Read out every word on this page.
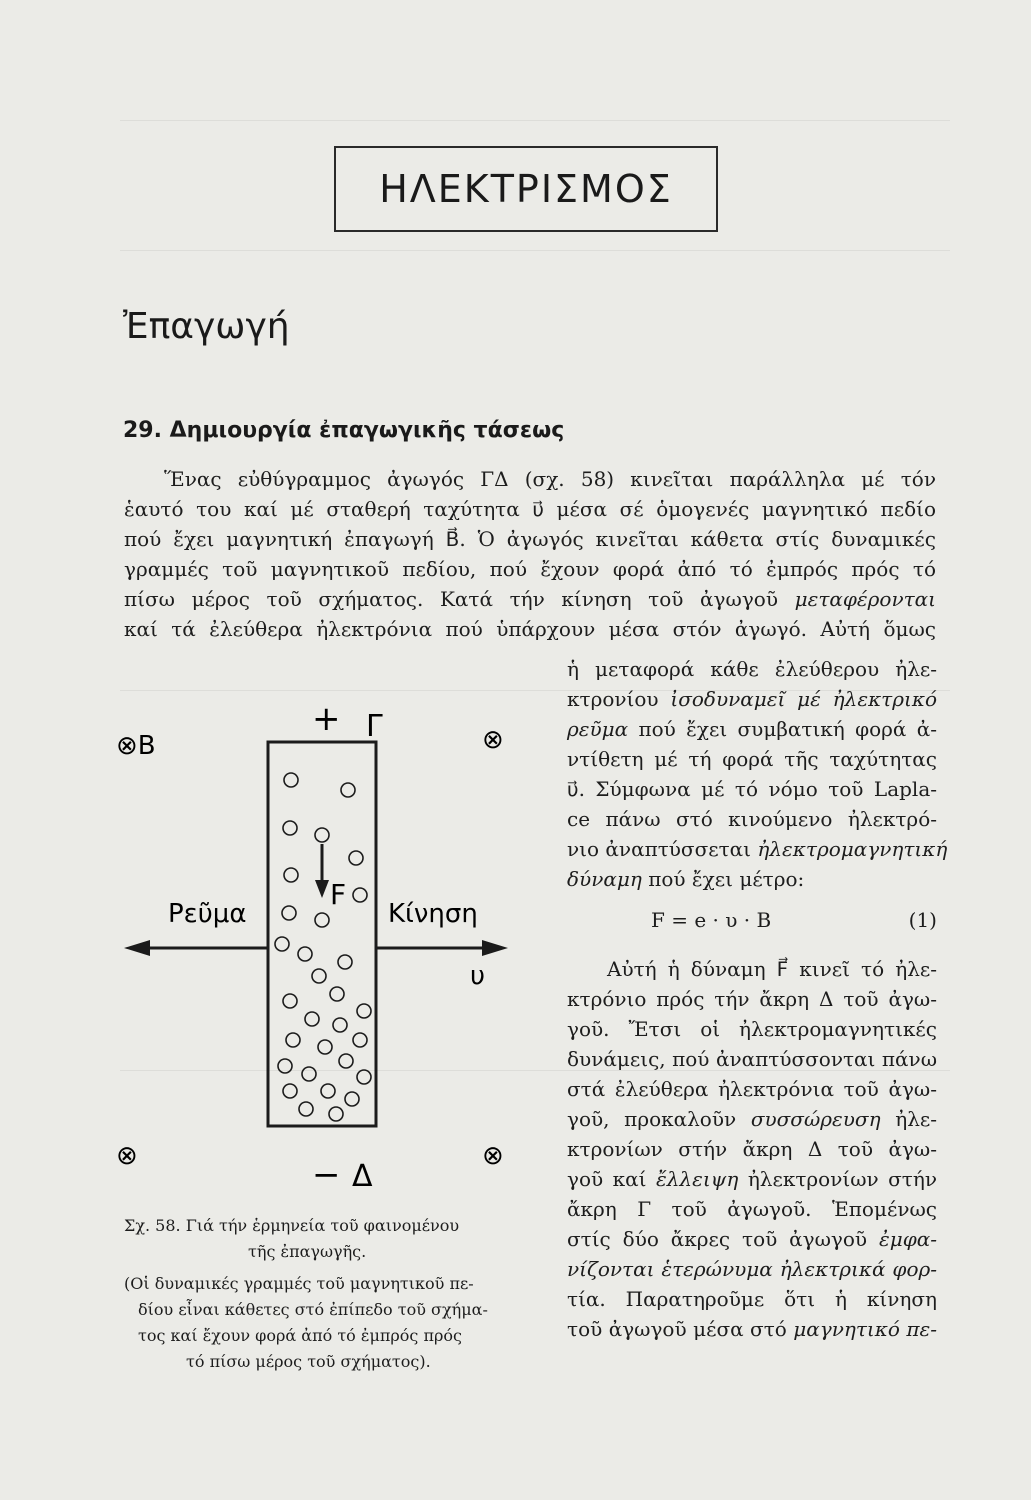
ΗΛΕΚΤΡΙΣΜΟΣ
Ἐπαγωγή
29. Δημιουργία ἐπαγωγικῆς τάσεως
Ἕνας εὐθύγραμμος ἀγωγός ΓΔ (σχ. 58) κινεῖται παράλληλα μέ τόν
ἑαυτό του καί μέ σταθερή ταχύτητα υ⃗ μέσα σέ ὁμογενές μαγνητικό πεδίο
πού ἔχει μαγνητική ἐπαγωγή B⃗. Ὁ ἀγωγός κινεῖται κάθετα στίς δυναμικές
γραμμές τοῦ μαγνητικοῦ πεδίου, πού ἔχουν φορά ἀπό τό ἐμπρός πρός τό
πίσω μέρος τοῦ σχήματος. Κατά τήν κίνηση τοῦ ἀγωγοῦ μεταφέρονται
καί τά ἐλεύθερα ἠλεκτρόνια πού ὑπάρχουν μέσα στόν ἀγωγό. Αὐτή ὅμως
ἡ μεταφορά κάθε ἐλεύθερου ἠλε-
κτρονίου ἰσοδυναμεῖ μέ ἠλεκτρικό
ρεῦμα πού ἔχει συμβατική φορά ἀ-
ντίθετη μέ τή φορά τῆς ταχύτητας
υ⃗. Σύμφωνα μέ τό νόμο τοῦ Lapla-
ce πάνω στό κινούμενο ἠλεκτρό-
νιο ἀναπτύσσεται ἠλεκτρομαγνητική
δύναμη πού ἔχει μέτρο:
F = e · υ · B	(1)
Αὐτή ἡ δύναμη F⃗ κινεῖ τό ἠλε-
κτρόνιο πρός τήν ἄκρη Δ τοῦ ἀγω-
γοῦ. Ἔτσι οἱ ἠλεκτρομαγνητικές
δυνάμεις, πού ἀναπτύσσονται πάνω
στά ἐλεύθερα ἠλεκτρόνια τοῦ ἀγω-
γοῦ, προκαλοῦν συσσώρευση ἠλε-
κτρονίων στήν ἄκρη Δ τοῦ ἀγω-
γοῦ καί ἔλλειψη ἠλεκτρονίων στήν
ἄκρη Γ τοῦ ἀγωγοῦ. Ἑπομένως
στίς δύο ἄκρες τοῦ ἀγωγοῦ ἐμφα-
νίζονται ἑτερώνυμα ἠλεκτρικά φορ-
τία. Παρατηροῦμε ὅτι ἡ κίνηση
τοῦ ἀγωγοῦ μέσα στό μαγνητικό πε-
⊗B
+ Γ	⊗
F
Ρεῦμα	Κίνηση
υ
⊗	⊗
− Δ
Σχ. 58. Γιά τήν ἑρμηνεία τοῦ φαινομένου
τῆς ἐπαγωγῆς.
(Οἱ δυναμικές γραμμές τοῦ μαγνητικοῦ πε-
δίου εἶναι κάθετες στό ἐπίπεδο τοῦ σχήμα-
τος καί ἔχουν φορά ἀπό τό ἐμπρός πρός
τό πίσω μέρος τοῦ σχήματος).
